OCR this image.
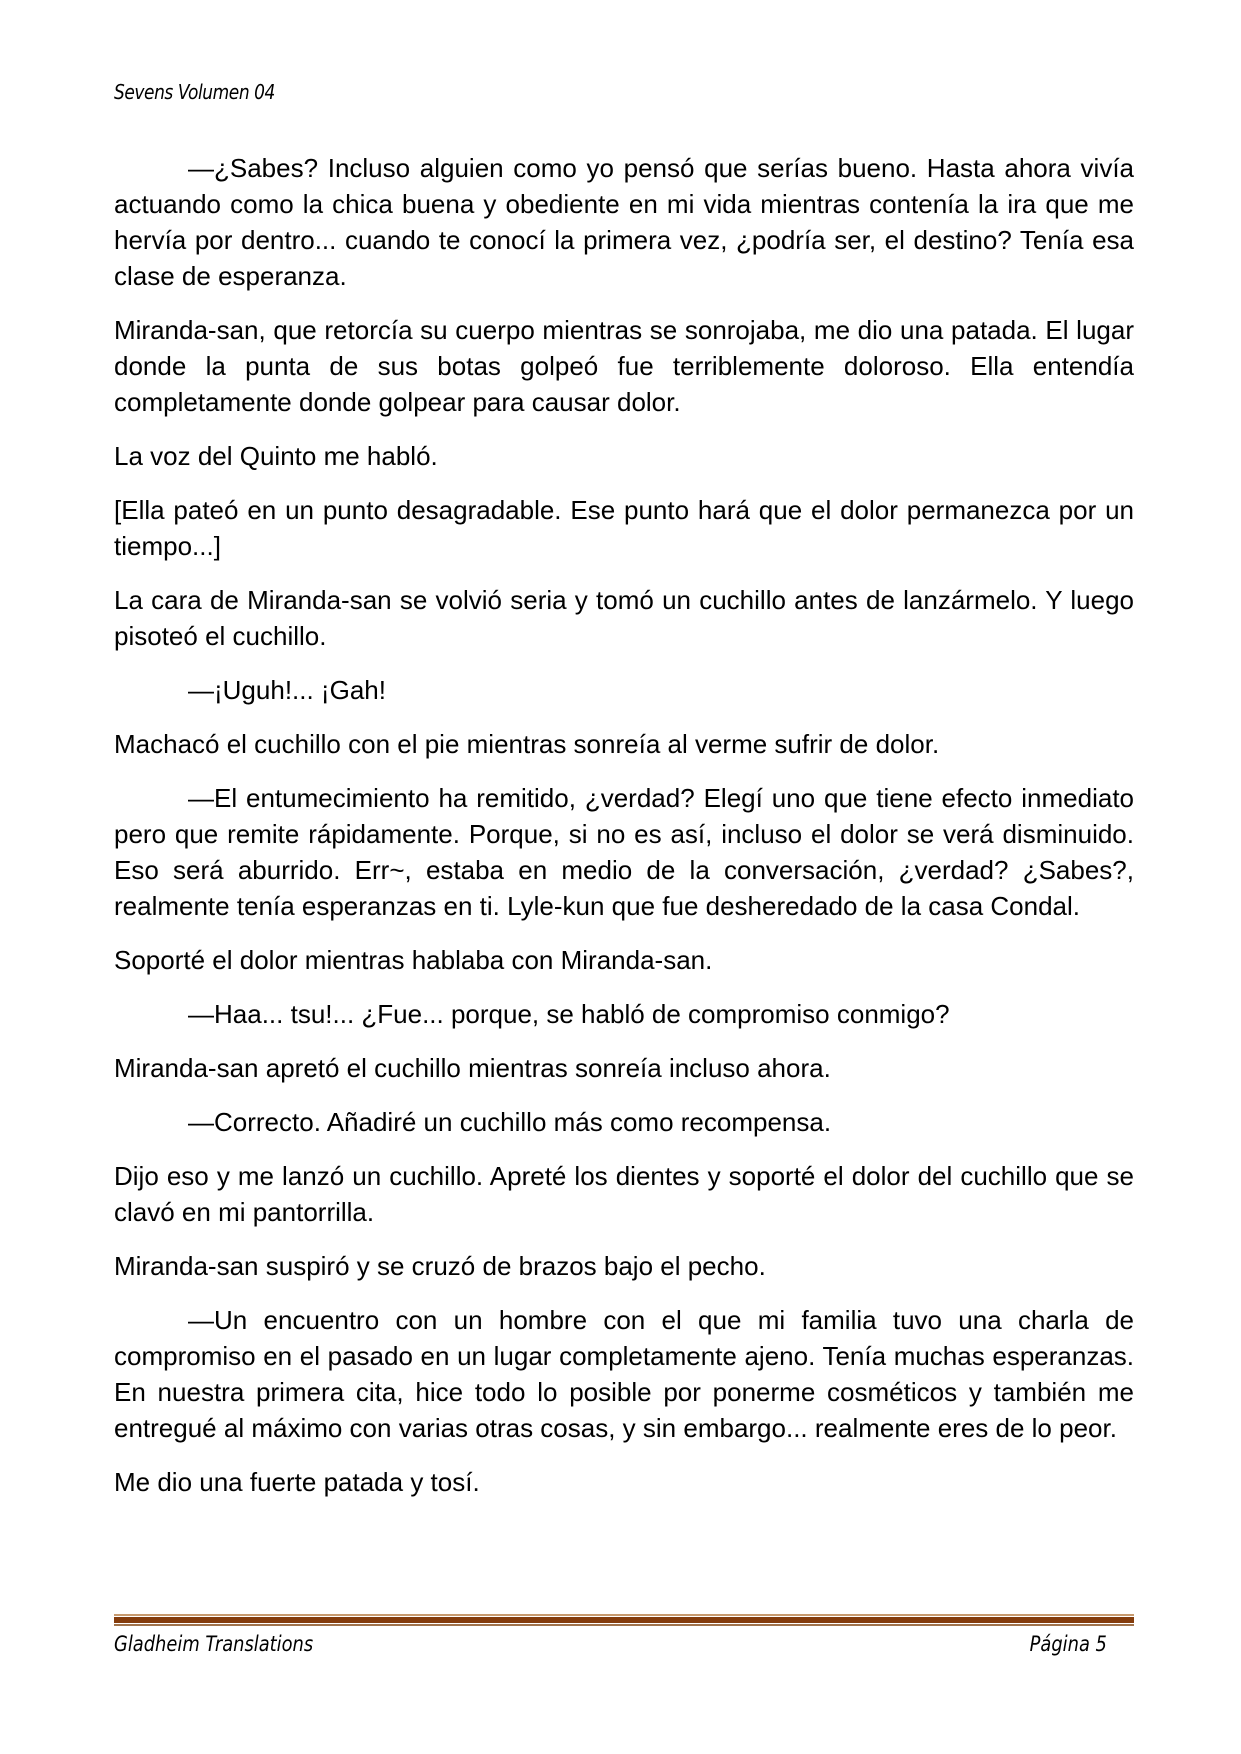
Sevens Volumen 04

—¿Sabes? Incluso alguien como yo pensó que serías bueno. Hasta ahora vivía actuando como la chica buena y obediente en mi vida mientras contenía la ira que me hervía por dentro... cuando te conocí la primera vez, ¿podría ser, el destino? Tenía esa clase de esperanza.

Miranda-san, que retorcía su cuerpo mientras se sonrojaba, me dio una patada. El lugar donde la punta de sus botas golpeó fue terriblemente doloroso. Ella entendía completamente donde golpear para causar dolor.

La voz del Quinto me habló.

[Ella pateó en un punto desagradable. Ese punto hará que el dolor permanezca por un tiempo...]

La cara de Miranda-san se volvió seria y tomó un cuchillo antes de lanzármelo. Y luego pisoteó el cuchillo.

—¡Uguh!... ¡Gah!

Machacó el cuchillo con el pie mientras sonreía al verme sufrir de dolor.

—El entumecimiento ha remitido, ¿verdad? Elegí uno que tiene efecto inmediato pero que remite rápidamente. Porque, si no es así, incluso el dolor se verá disminuido. Eso será aburrido. Err~, estaba en medio de la conversación, ¿verdad? ¿Sabes?, realmente tenía esperanzas en ti. Lyle-kun que fue desheredado de la casa Condal.

Soporté el dolor mientras hablaba con Miranda-san.

—Haa... tsu!... ¿Fue... porque, se habló de compromiso conmigo?

Miranda-san apretó el cuchillo mientras sonreía incluso ahora.

—Correcto. Añadiré un cuchillo más como recompensa.

Dijo eso y me lanzó un cuchillo. Apreté los dientes y soporté el dolor del cuchillo que se clavó en mi pantorrilla.

Miranda-san suspiró y se cruzó de brazos bajo el pecho.

—Un encuentro con un hombre con el que mi familia tuvo una charla de compromiso en el pasado en un lugar completamente ajeno. Tenía muchas esperanzas. En nuestra primera cita, hice todo lo posible por ponerme cosméticos y también me entregué al máximo con varias otras cosas, y sin embargo... realmente eres de lo peor.

Me dio una fuerte patada y tosí.

Gladheim Translations	Página 5
